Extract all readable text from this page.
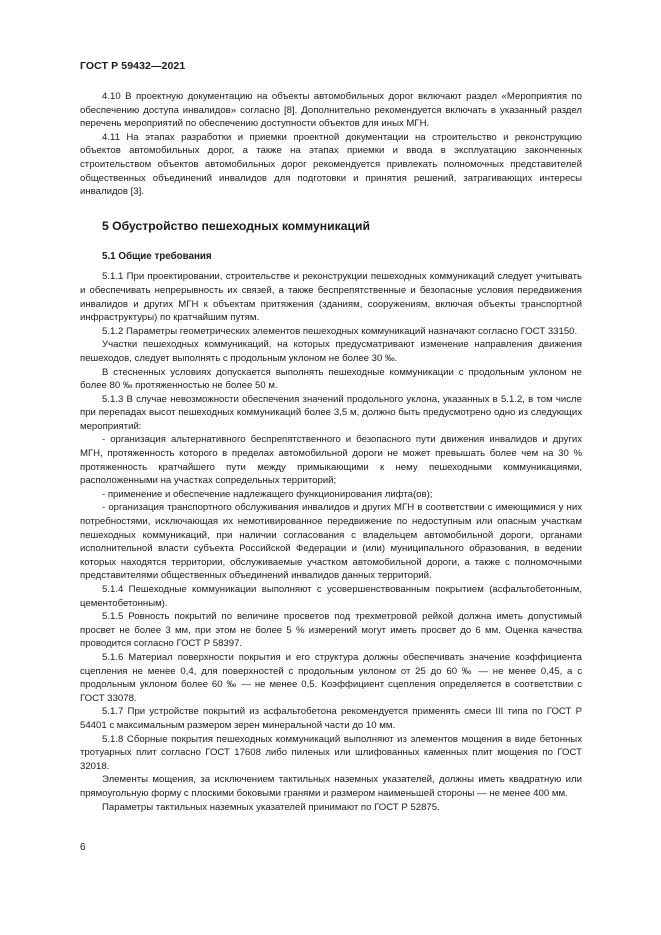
ГОСТ Р 59432—2021

4.10 В проектную документацию на объекты автомобильных дорог включают раздел «Мероприятия по обеспечению доступа инвалидов» согласно [8]. Дополнительно рекомендуется включать в указанный раздел перечень мероприятий по обеспечению доступности объектов для иных МГН.

4.11 На этапах разработки и приемки проектной документации на строительство и реконструкцию объектов автомобильных дорог, а также на этапах приемки и ввода в эксплуатацию законченных строительством объектов автомобильных дорог рекомендуется привлекать полномочных представителей общественных объединений инвалидов для подготовки и принятия решений, затрагивающих интересы инвалидов [3].

5 Обустройство пешеходных коммуникаций
5.1 Общие требования

5.1.1 При проектировании, строительстве и реконструкции пешеходных коммуникаций следует учитывать и обеспечивать непрерывность их связей, а также беспрепятственные и безопасные условия передвижения инвалидов и других МГН к объектам притяжения (зданиям, сооружениям, включая объекты транспортной инфраструктуры) по кратчайшим путям.

5.1.2 Параметры геометрических элементов пешеходных коммуникаций назначают согласно ГОСТ 33150.

Участки пешеходных коммуникаций, на которых предусматривают изменение направления движения пешеходов, следует выполнять с продольным уклоном не более 30 ‰.

В стесненных условиях допускается выполнять пешеходные коммуникации с продольным уклоном не более 80 ‰ протяженностью не более 50 м.

5.1.3 В случае невозможности обеспечения значений продольного уклона, указанных в 5.1.2, в том числе при перепадах высот пешеходных коммуникаций более 3,5 м, должно быть предусмотрено одно из следующих мероприятий:

- организация альтернативного беспрепятственного и безопасного пути движения инвалидов и других МГН, протяженность которого в пределах автомобильной дороги не может превышать более чем на 30 % протяженность кратчайшего пути между примыкающими к нему пешеходными коммуникациями, расположенными на участках сопредельных территорий;

- применение и обеспечение надлежащего функционирования лифта(ов);

- организация транспортного обслуживания инвалидов и других МГН в соответствии с имеющимися у них потребностями, исключающая их немотивированное передвижение по недоступным или опасным участкам пешеходных коммуникаций, при наличии согласования с владельцем автомобильной дороги, органами исполнительной власти субъекта Российской Федерации и (или) муниципального образования, в ведении которых находятся территории, обслуживаемые участком автомобильной дороги, а также с полномочными представителями общественных объединений инвалидов данных территорий.

5.1.4 Пешеходные коммуникации выполняют с усовершенствованным покрытием (асфальтобетонным, цементобетонным).

5.1.5 Ровность покрытий по величине просветов под трехметровой рейкой должна иметь допустимый просвет не более 3 мм, при этом не более 5 % измерений могут иметь просвет до 6 мм. Оценка качества проводится согласно ГОСТ Р 58397.

5.1.6 Материал поверхности покрытия и его структура должны обеспечивать значение коэффициента сцепления не менее 0,4, для поверхностей с продольным уклоном от 25 до 60 ‰ — не менее 0,45, а с продольным уклоном более 60 ‰ — не менее 0,5. Коэффициент сцепления определяется в соответствии с ГОСТ 33078.

5.1.7 При устройстве покрытий из асфальтобетона рекомендуется применять смеси III типа по ГОСТ Р 54401 с максимальным размером зерен минеральной части до 10 мм.

5.1.8 Сборные покрытия пешеходных коммуникаций выполняют из элементов мощения в виде бетонных тротуарных плит согласно ГОСТ 17608 либо пиленых или шлифованных каменных плит мощения по ГОСТ 32018.

Элементы мощения, за исключением тактильных наземных указателей, должны иметь квадратную или прямоугольную форму с плоскими боковыми гранями и размером наименьшей стороны — не менее 400 мм.

Параметры тактильных наземных указателей принимают по ГОСТ Р 52875.

6
